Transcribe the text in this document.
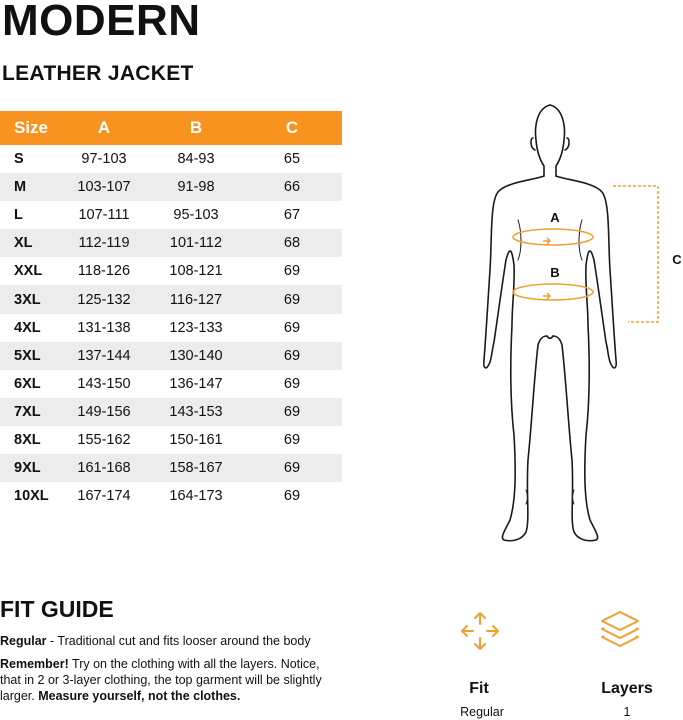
MODERN
LEATHER JACKET
Size	A	B	C
S	97-103	84-93	65
M	103-107	91-98	66
L	107-111	95-103	67
XL	112-119	101-112	68
XXL	118-126	108-121	69
3XL	125-132	116-127	69
4XL	131-138	123-133	69
5XL	137-144	130-140	69
6XL	143-150	136-147	69
7XL	149-156	143-153	69
8XL	155-162	150-161	69
9XL	161-168	158-167	69
10XL	167-174	164-173	69
A
B
C
FIT GUIDE

Regular - Traditional cut and fits looser around the body

Remember! Try on the clothing with all the layers. Notice, that in 2 or 3-layer clothing, the top garment will be slightly larger. Measure yourself, not the clothes.	Fit
Regular
Layers
1
